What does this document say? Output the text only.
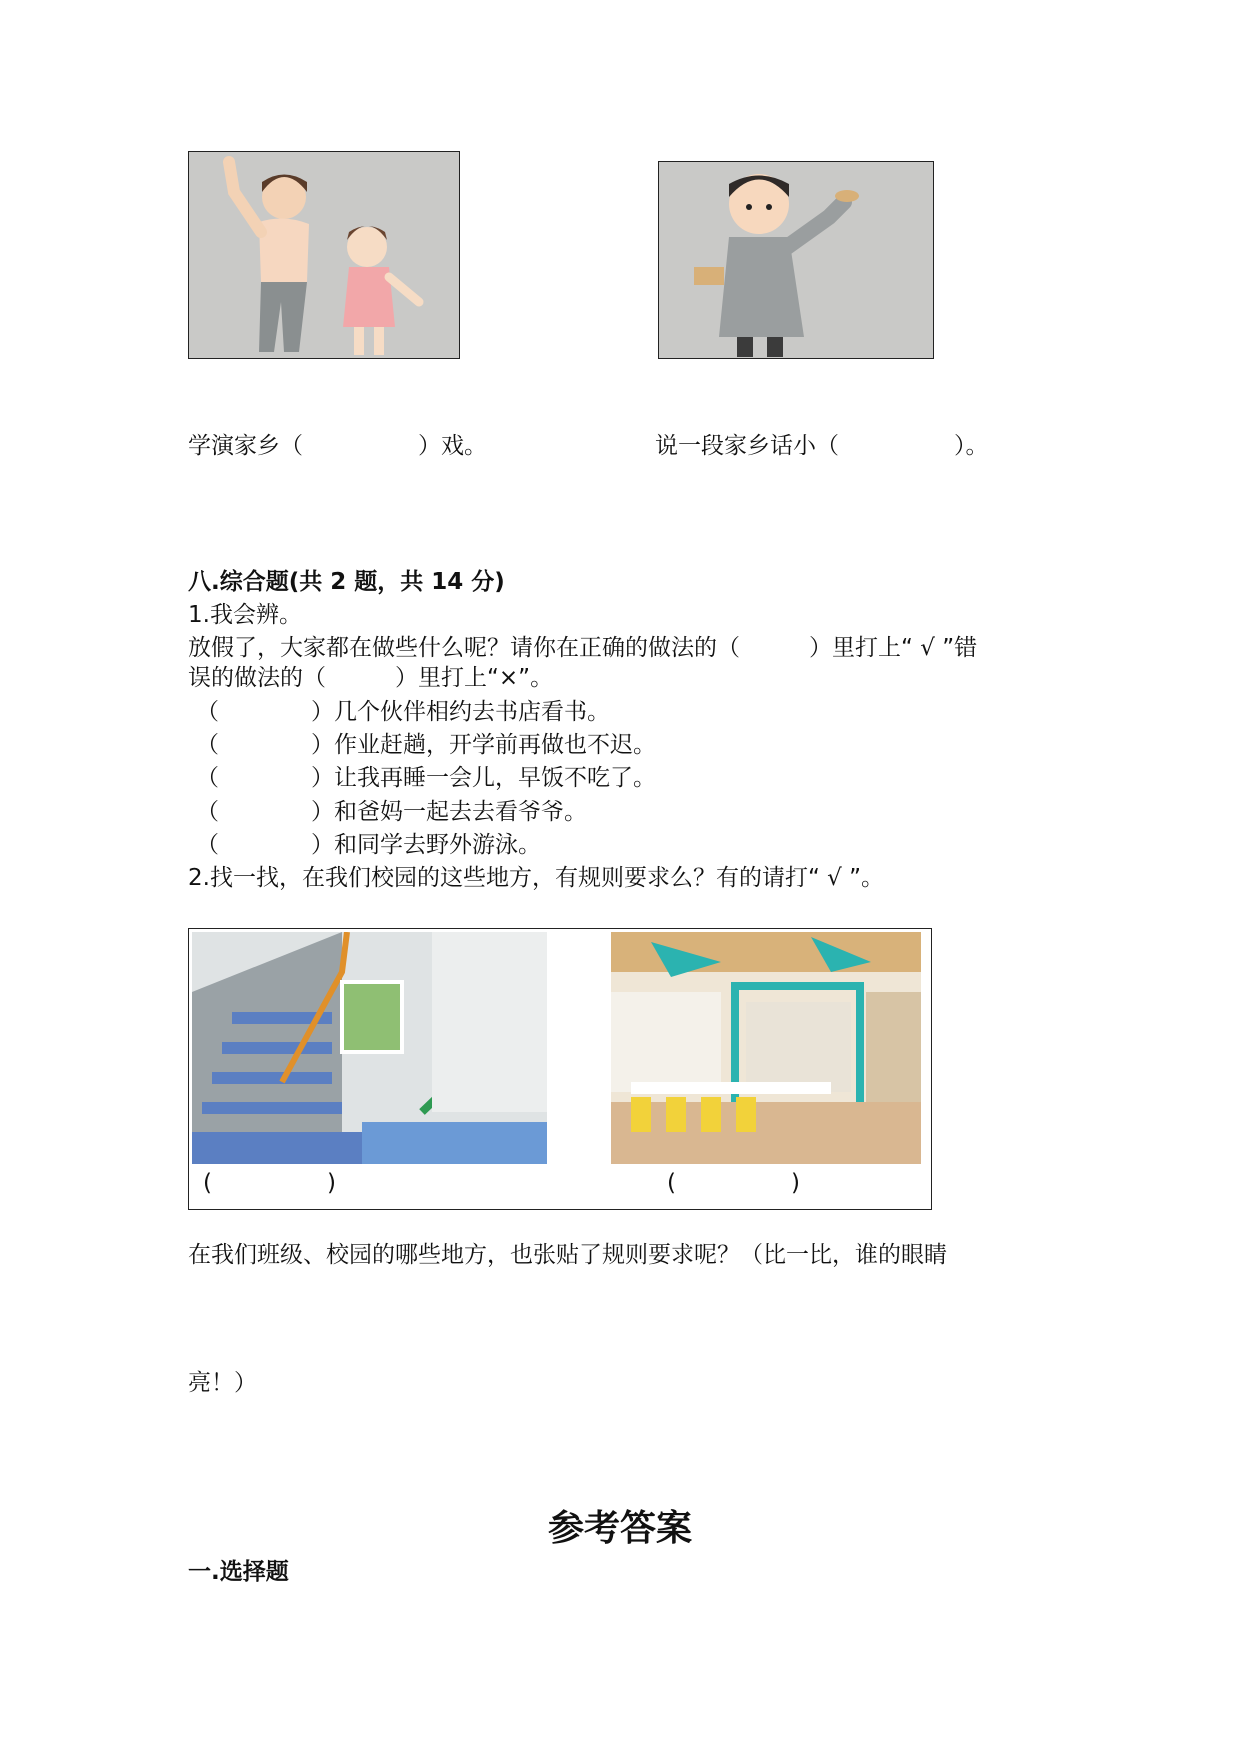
学演家乡（　　　　　）戏。	说一段家乡话小（　　　　　）。
八.综合题(共 2 题，共 14 分)
1.我会辨。
放假了，大家都在做些什么呢？请你在正确的做法的（　　　）里打上“ √ ”错
误的做法的（　　　）里打上“×”。
（　　　　）几个伙伴相约去书店看书。
（　　　　）作业赶趟，开学前再做也不迟。
（　　　　）让我再睡一会儿，早饭不吃了。
（　　　　）和爸妈一起去去看爷爷。
（　　　　）和同学去野外游泳。
2.找一找，在我们校园的这些地方，有规则要求么？有的请打“ √ ”。
(　　　　　)	(　　　　　)
在我们班级、校园的哪些地方，也张贴了规则要求呢？（比一比，谁的眼睛
亮！）
参考答案
一.选择题
